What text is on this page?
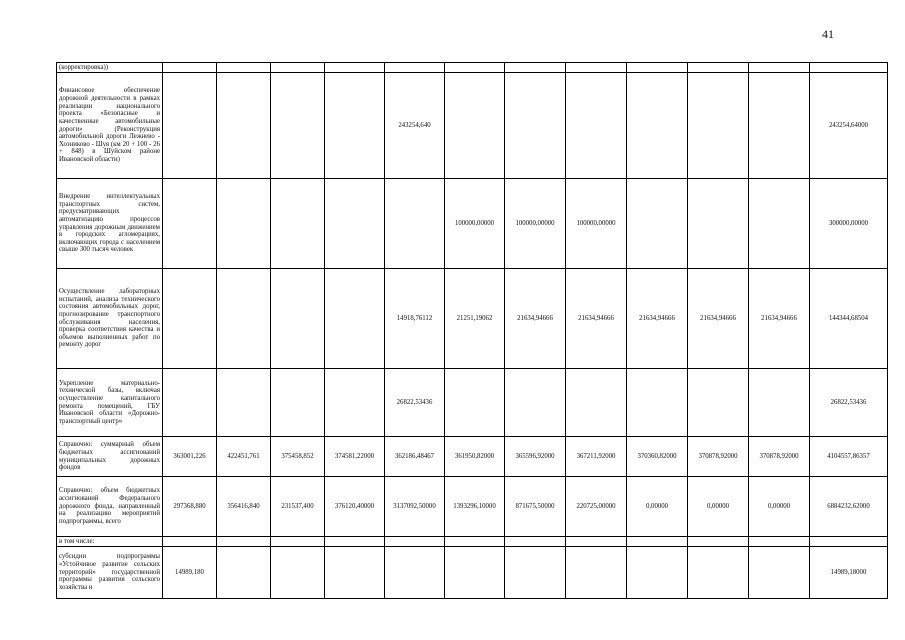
41
(корректировка))												
Финансовое обеспечение дорожной деятельности в рамках реализации национального проекта «Безопасные и качественные автомобильные дороги» (Реконструкция автомобильной дороги Лежнево - Хозниково - Шуя (км 20 + 100 - 26 + 848) в Шуйском районе Ивановской области)					243254,640							243254,64000
Внедрение интеллектуальных транспортных систем, предусматривающих автоматизацию процессов управления дорожным движением в городских агломерациях, включающих города с населением свыше 300 тысяч человек						100000,00000	100000,00000	100000,00000				300000,00000
Осуществление лабораторных испытаний, анализа технического состояния автомобильных дорог, прогнозирование транспортного обслуживания населения, проверка соответствия качества и объемов выполненных работ по ремонту дорог					14918,76112	21251,19062	21634,94666	21634,94666	21634,94666	21634,94666	21634,94666	144344,68504
Укрепление материально-технической базы, включая осуществление капитального ремонта помещений, ГБУ Ивановской области «Дорожно-транспортный центр»					26822,53436							26822,53436
Справочно: суммарный объем бюджетных ассигнований муниципальных дорожных фондов	363001,226	422451,761	375458,852	374581,22000	362186,48467	361950,82000	365596,92000	367211,92000	370360,82000	370878,92000	370878,92000	4104557,86357
Справочно: объем бюджетных ассигнований Федерального дорожного фонда, направленный на реализацию мероприятий подпрограммы, всего	297368,880	356416,840	231537,400	376120,40000	3137092,50000	1393296,10000	871675,50000	220725,00000	0,00000	0,00000	0,00000	6884232,62000
в том числе:												
субсидии подпрограммы «Устойчивое развитие сельских территорий» государственной программы развития сельского хозяйства и	14989,180											14989,18000
